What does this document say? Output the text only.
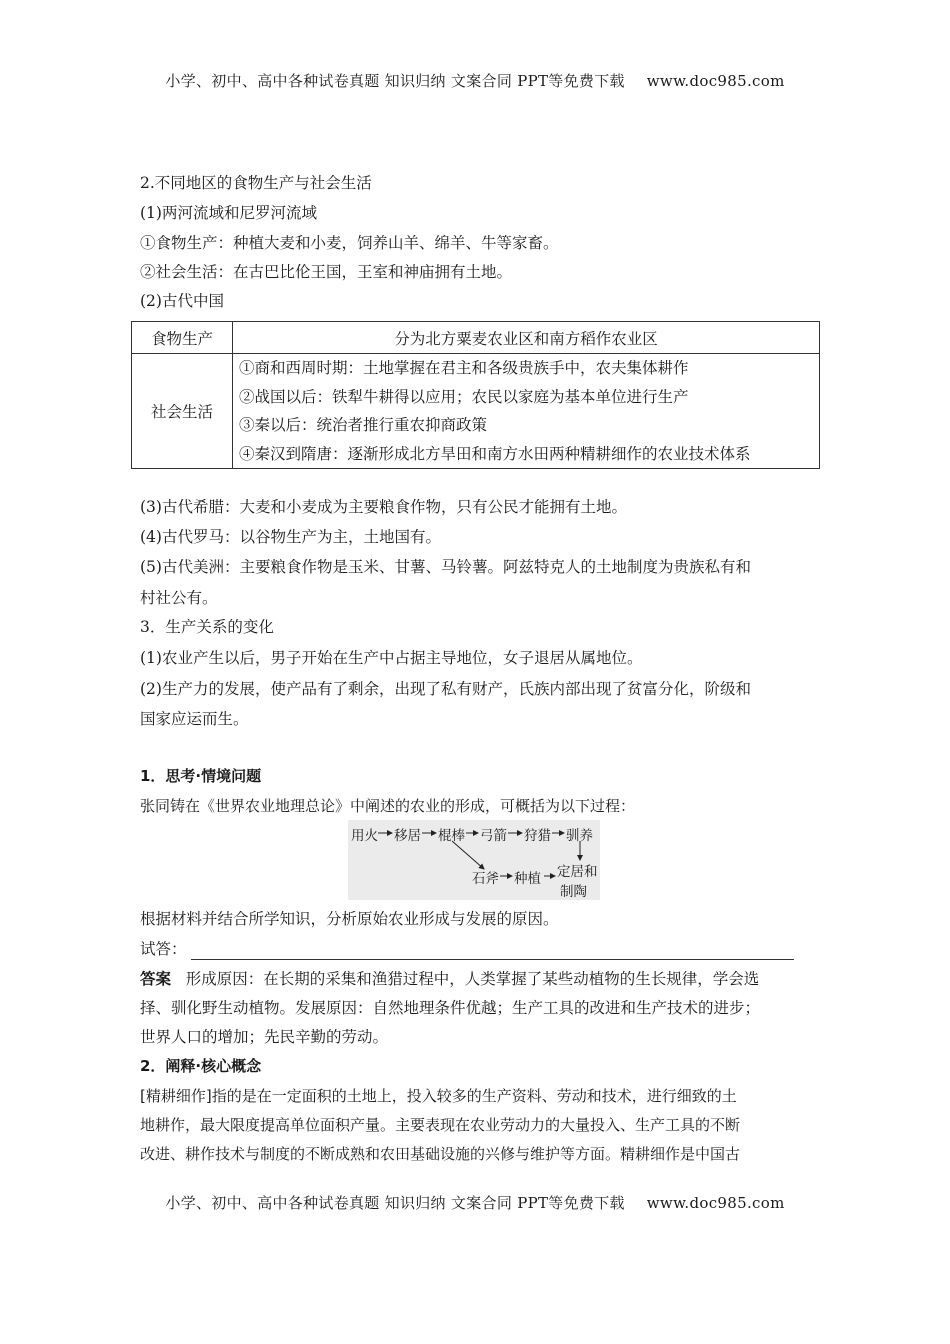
小学、初中、高中各种试卷真题 知识归纳 文案合同 PPT等免费下载 www.doc985.com
2.不同地区的食物生产与社会生活
(1)两河流域和尼罗河流域
①食物生产：种植大麦和小麦，饲养山羊、绵羊、牛等家畜。
②社会生活：在古巴比伦王国，王室和神庙拥有土地。
(2)古代中国
食物生产	分为北方粟麦农业区和南方稻作农业区
社会生活	①商和西周时期：土地掌握在君主和各级贵族手中，农夫集体耕作
②战国以后：铁犁牛耕得以应用；农民以家庭为基本单位进行生产
③秦以后：统治者推行重农抑商政策
④秦汉到隋唐：逐渐形成北方旱田和南方水田两种精耕细作的农业技术体系
(3)古代希腊：大麦和小麦成为主要粮食作物，只有公民才能拥有土地。
(4)古代罗马：以谷物生产为主，土地国有。
(5)古代美洲：主要粮食作物是玉米、甘薯、马铃薯。阿兹特克人的土地制度为贵族私有和
村社公有。
3．生产关系的变化
(1)农业产生以后，男子开始在生产中占据主导地位，女子退居从属地位。
(2)生产力的发展，使产品有了剩余，出现了私有财产，氏族内部出现了贫富分化，阶级和
国家应运而生。
1．思考·情境问题
张同铸在《世界农业地理总论》中阐述的农业的形成，可概括为以下过程：
用火 移居 棍棒 弓箭 狩猎 驯养
石斧 种植 定居和
制陶
根据材料并结合所学知识，分析原始农业形成与发展的原因。
试答：
答案 形成原因：在长期的采集和渔猎过程中，人类掌握了某些动植物的生长规律，学会选
择、驯化野生动植物。发展原因：自然地理条件优越；生产工具的改进和生产技术的进步；
世界人口的增加；先民辛勤的劳动。
2．阐释·核心概念
[精耕细作]指的是在一定面积的土地上，投入较多的生产资料、劳动和技术，进行细致的土
地耕作，最大限度提高单位面积产量。主要表现在农业劳动力的大量投入、生产工具的不断
改进、耕作技术与制度的不断成熟和农田基础设施的兴修与维护等方面。精耕细作是中国古
小学、初中、高中各种试卷真题 知识归纳 文案合同 PPT等免费下载 www.doc985.com
